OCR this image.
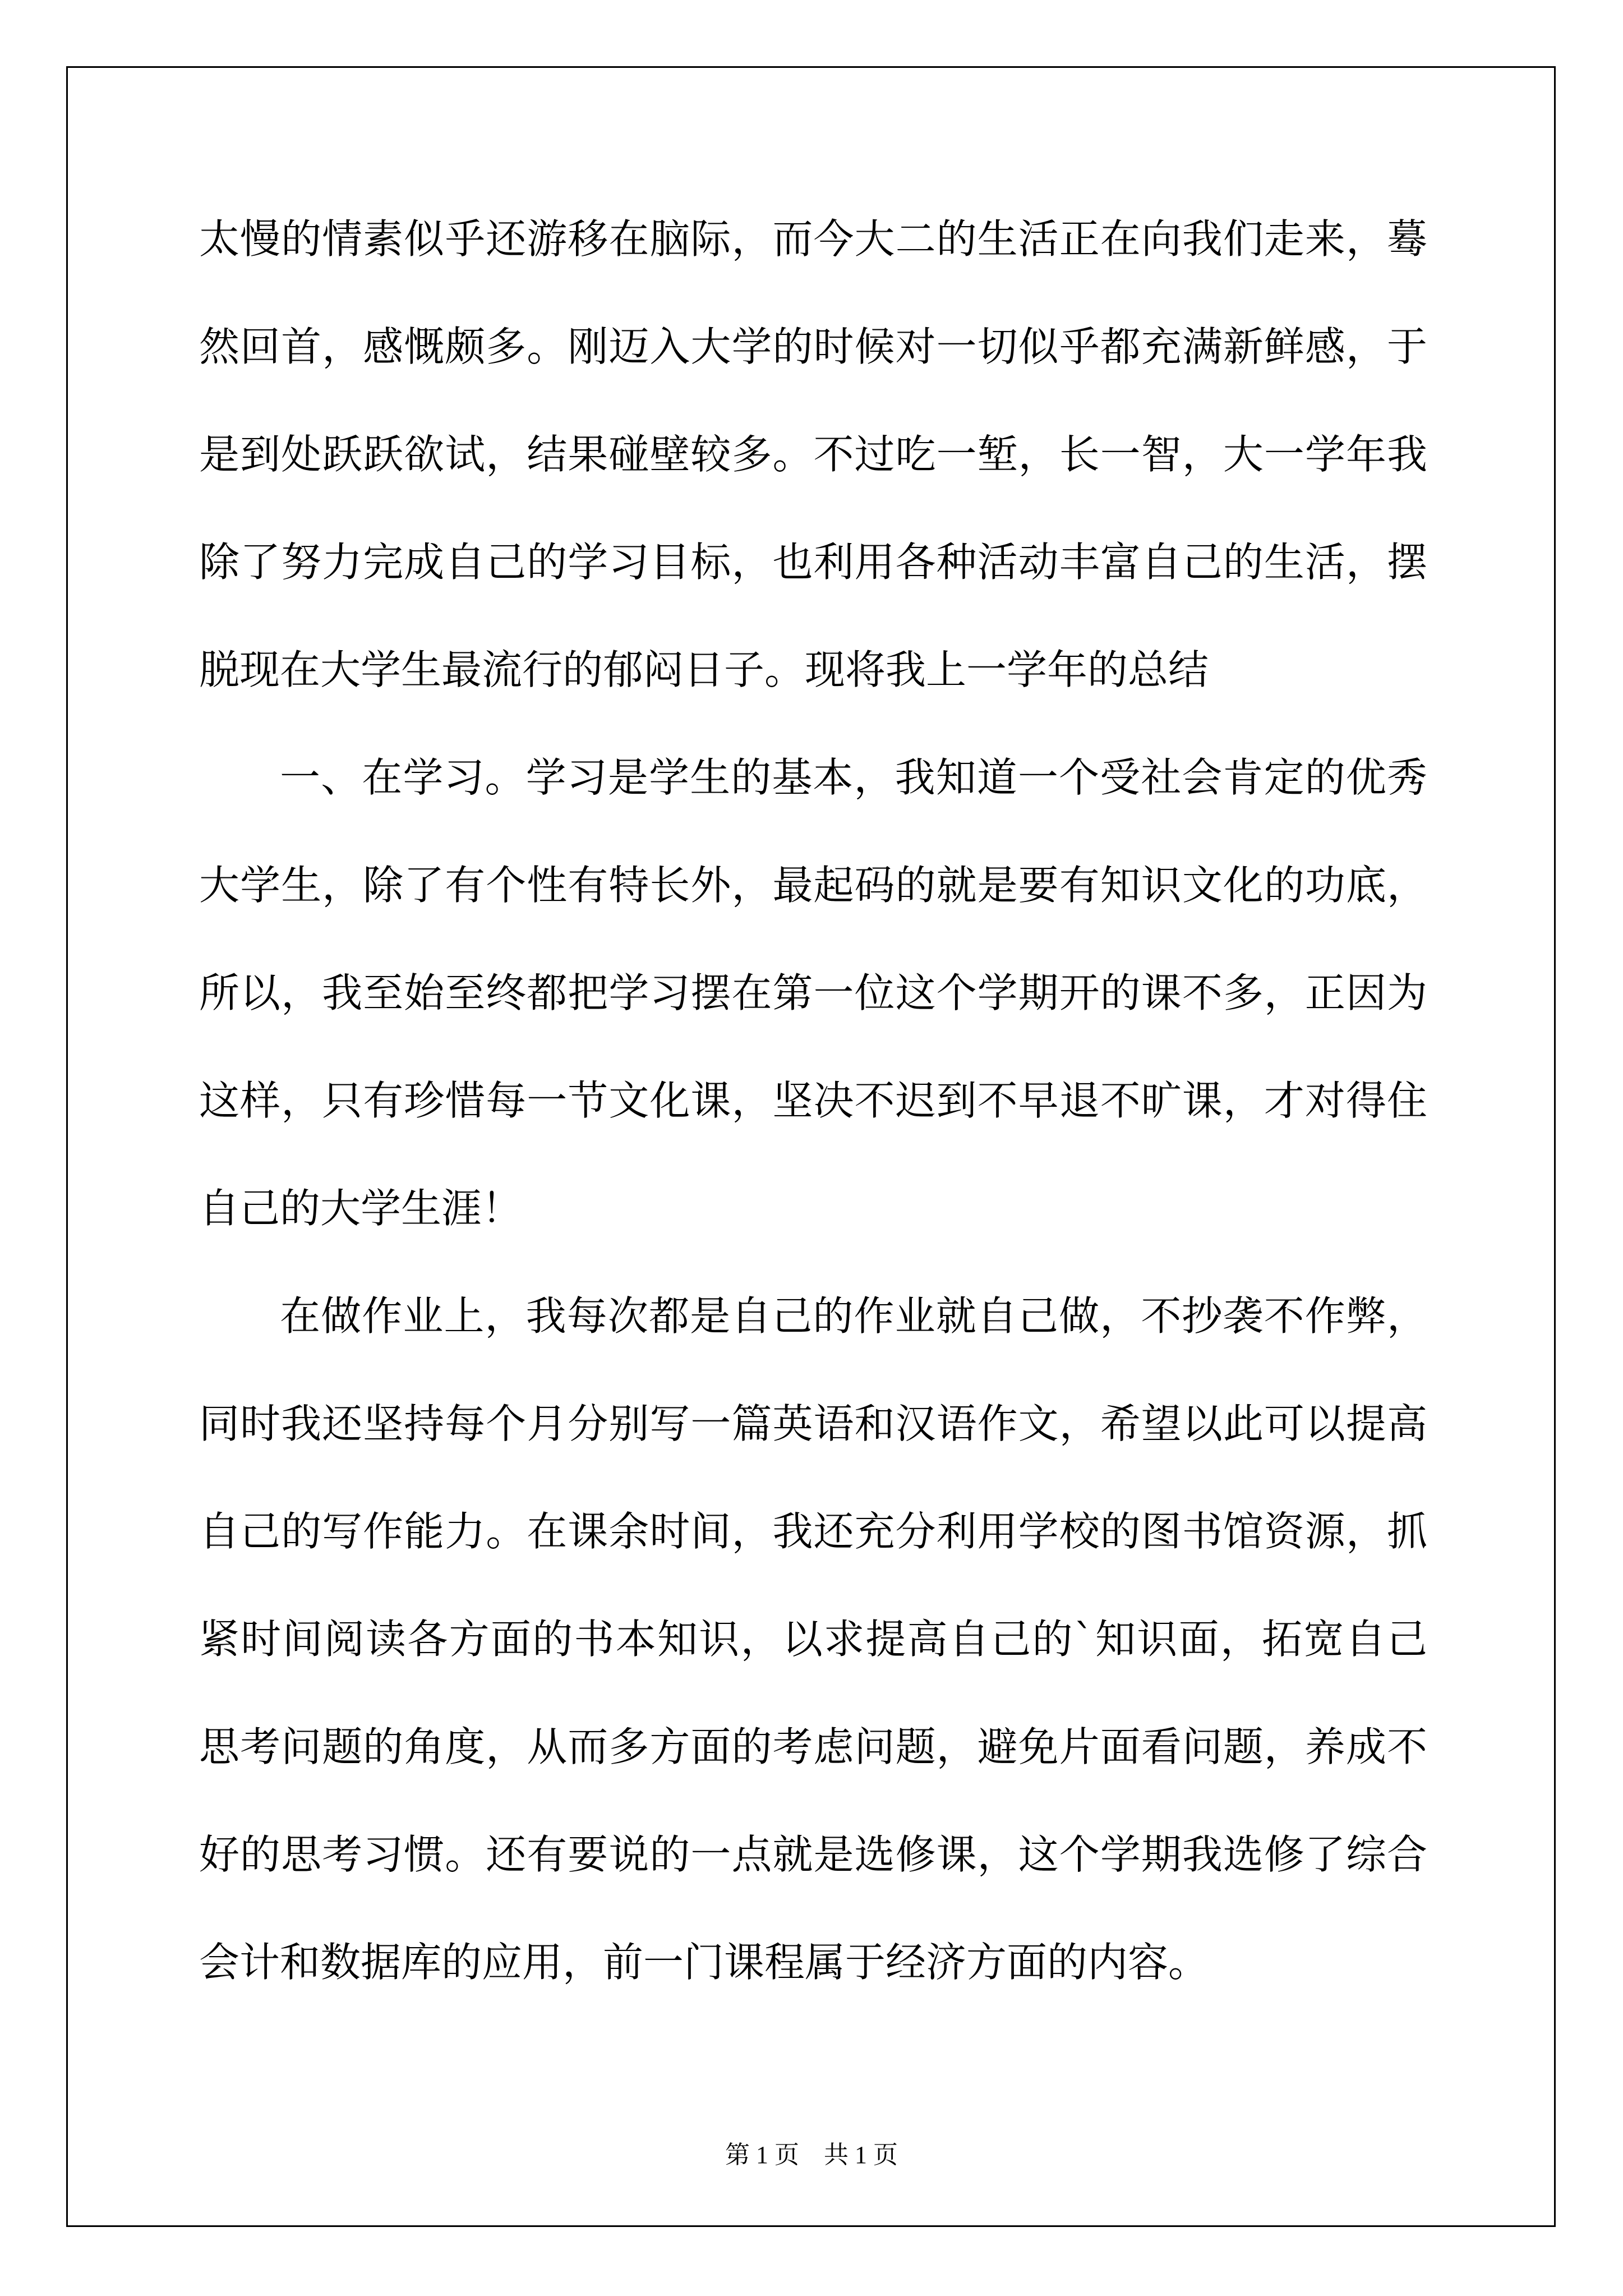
太慢的情素似乎还游移在脑际，而今大二的生活正在向我们走来，蓦然回首，感慨颇多。刚迈入大学的时候对一切似乎都充满新鲜感，于是到处跃跃欲试，结果碰壁较多。不过吃一堑，长一智，大一学年我除了努力完成自己的学习目标，也利用各种活动丰富自己的生活，摆脱现在大学生最流行的郁闷日子。现将我上一学年的总结

一、在学习。学习是学生的基本，我知道一个受社会肯定的优秀大学生，除了有个性有特长外，最起码的就是要有知识文化的功底，所以，我至始至终都把学习摆在第一位这个学期开的课不多，正因为这样，只有珍惜每一节文化课，坚决不迟到不早退不旷课，才对得住自己的大学生涯！

在做作业上，我每次都是自己的作业就自己做，不抄袭不作弊，同时我还坚持每个月分别写一篇英语和汉语作文，希望以此可以提高自己的写作能力。在课余时间，我还充分利用学校的图书馆资源，抓紧时间阅读各方面的书本知识，以求提高自己的`知识面，拓宽自己思考问题的角度，从而多方面的考虑问题，避免片面看问题，养成不好的思考习惯。还有要说的一点就是选修课，这个学期我选修了综合会计和数据库的应用，前一门课程属于经济方面的内容。

第 1 页　共 1 页
